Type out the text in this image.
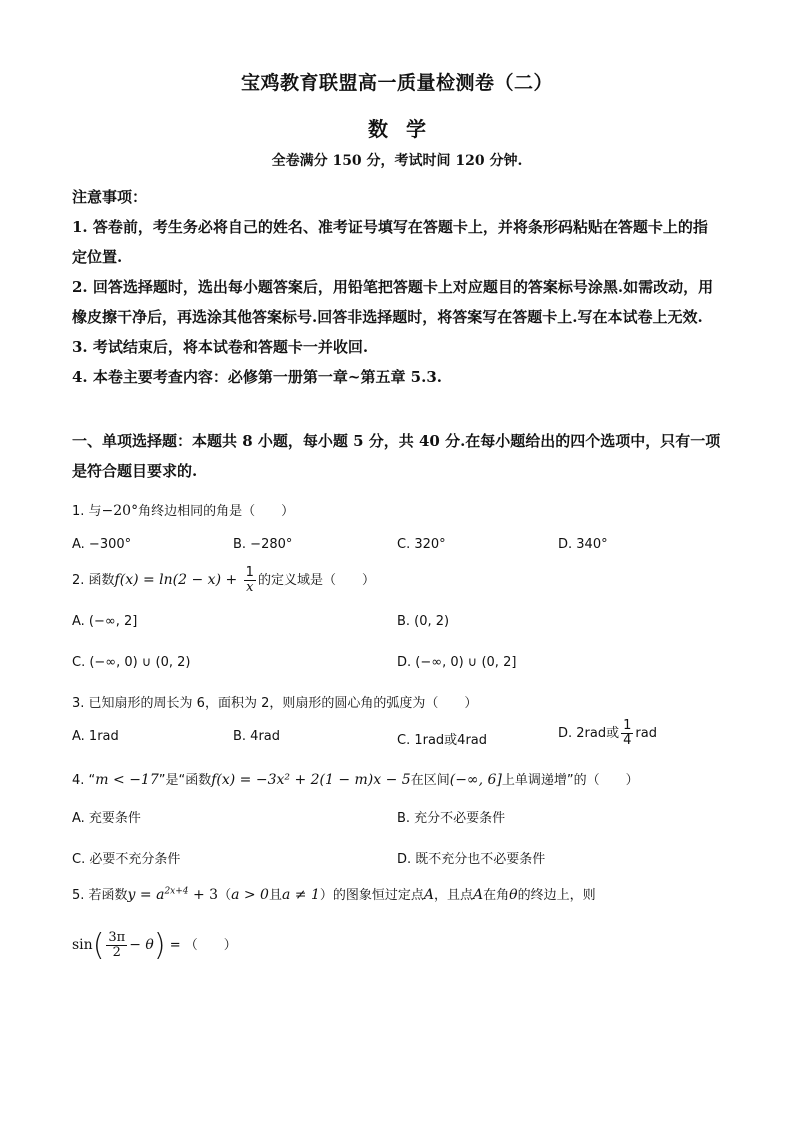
宝鸡教育联盟高一质量检测卷（二）
数 学
全卷满分 150 分，考试时间 120 分钟.

注意事项：

1. 答卷前，考生务必将自己的姓名、准考证号填写在答题卡上，并将条形码粘贴在答题卡上的指定位置.

2. 回答选择题时，选出每小题答案后，用铅笔把答题卡上对应题目的答案标号涂黑.如需改动，用橡皮擦干净后，再选涂其他答案标号.回答非选择题时，将答案写在答题卡上.写在本试卷上无效.

3. 考试结束后，将本试卷和答题卡一并收回.

4. 本卷主要考查内容：必修第一册第一章~第五章 5.3.

一、单项选择题：本题共 8 小题，每小题 5 分，共 40 分.在每小题给出的四个选项中，只有一项是符合题目要求的.
1. 与−20°角终边相同的角是（　　）
A. −300°	B. −280°	C. 320°	D. 340°
2. 函数$f(x) = \ln(2 - x) + \frac{1}{x}$ 的定义域是（　　）
A. (−∞, 2]	B. (0, 2)
C. (−∞, 0) ∪ (0, 2)	D. (−∞, 0) ∪ (0, 2]
3. 已知扇形的周长为 6，面积为 2，则扇形的圆心角的弧度为（　　）
A. 1rad	B. 4rad	C. 1rad或4rad	D. 2rad或 $\frac{1}{4}$ rad
4. “m < −17”是“函数f(x) = −3x² + 2(1 − m)x − 5在区间(−∞, 6]上单调递增”的（　　）
A. 充要条件	B. 充分不必要条件
C. 必要不充分条件	D. 既不充分也不必要条件
5. 若函数$y = a^{2x+4} + 3(a > 0$且a ≠ 1）的图象恒过定点A，且点A在角θ的终边上，则
$\sin( \frac{3\pi}{2} - \theta)$ = （　　）
